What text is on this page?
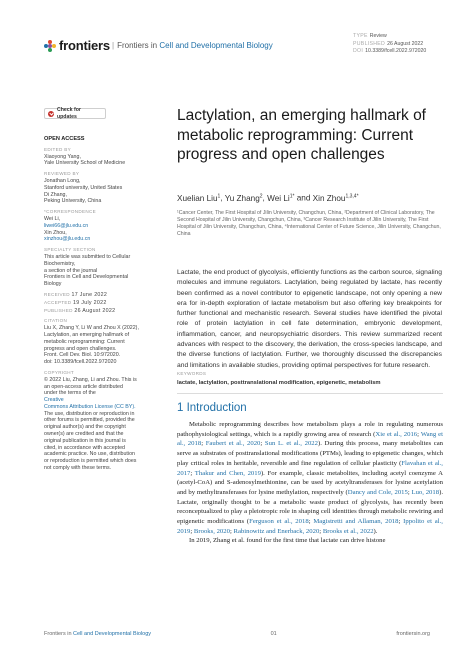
frontiers | Frontiers in Cell and Developmental Biology
TYPE Review
PUBLISHED 26 August 2022
DOI 10.3389/fcell.2022.972020
Check for updates
OPEN ACCESS
EDITED BY
Xiaoyong Yang,
Yale University School of Medicine
REVIEWED BY
Jonathan Long,
Stanford university, United States
Di Zhang,
Peking University, China
*CORRESPONDENCE
Wei Li,
liwei66@jlu.edu.cn
Xin Zhou,
xinzhou@jlu.edu.cn
SPECIALTY SECTION
This article was submitted to Cellular
Biochemistry,
a section of the journal
Frontiers in Cell and Developmental
Biology
RECEIVED 17 June 2022
ACCEPTED 19 July 2022
PUBLISHED 26 August 2022
CITATION
Liu X, Zhang Y, Li W and Zhou X (2022),
Lactylation, an emerging hallmark of
metabolic reprogramming: Current
progress and open challenges.
Front. Cell Dev. Biol. 10:972020.
doi: 10.3389/fcell.2022.972020
COPYRIGHT
© 2022 Liu, Zhang, Li and Zhou. This is
an open-access article distributed
under the terms of the
Creative
Commons Attribution License (CC BY).
The use, distribution or reproduction in
other forums is permitted, provided the
original author(s) and the copyright
owner(s) are credited and that the
original publication in this journal is
cited, in accordance with accepted
academic practice. No use, distribution
or reproduction is permitted which does
not comply with these terms.
Lactylation, an emerging hallmark of metabolic reprogramming: Current progress and open challenges
Xuelian Liu$^1$, Yu Zhang$^2$, Wei $Li^{1*}$ and Xin Zhou$^{1,3,4*}$
¹Cancer Center, The First Hospital of Jilin University, Changchun, China, ²Department of Clinical Laboratory, The Second Hospital of Jilin University, Changchun, China, ³Cancer Research Institute of Jilin University, The First Hospital of Jilin University, Changchun, China, ⁴International Center of Future Science, Jilin University, Changchun, China
Lactate, the end product of glycolysis, efficiently functions as the carbon source, signaling molecules and immune regulators. Lactylation, being regulated by lactate, has recently been confirmed as a novel contributor to epigenetic landscape, not only opening a new era for in-depth exploration of lactate metabolism but also offering key breakpoints for further functional and mechanistic research. Several studies have identified the pivotal role of protein lactylation in cell fate determination, embryonic development, inflammation, cancer, and neuropsychiatric disorders. This review summarized recent advances with respect to the discovery, the derivation, the cross-species landscape, and the diverse functions of lactylation. Further, we thoroughly discussed the discrepancies and limitations in available studies, providing optimal perspectives for future research.
KEYWORDS
lactate, lactylation, posttranslational modification, epigenetic, metabolism
1 Introduction

Metabolic reprogramming describes how metabolism plays a role in regulating numerous pathophysiological settings, which is a rapidly growing area of research (Xie et al., 2016; Wang et al., 2018; Faubert et al., 2020; Sun L. et al., 2022). During this process, many metabolites can serve as substrates of posttranslational modifications (PTMs), leading to epigenetic changes, which play critical roles in heritable, reversible and fine regulation of cellular plasticity (Flavahan et al., 2017; Thakur and Chen, 2019). For example, classic metabolites, including acetyl coenzyme A (acetyl-CoA) and S-adenosylmethionine, can be used by acetyltransferases for lysine acetylation and by methyltransferases for lysine methylation, respectively (Dancy and Cole, 2015; Luo, 2018). Lactate, originally thought to be a metabolic waste product of glycolysis, has recently been reconceptualized to play a pleiotropic role in shaping cell identities through metabolic rewiring and epigenetic modifications (Ferguson et al., 2018; Magistretti and Allaman, 2018; Ippolito et al., 2019; Brooks, 2020; Rabinowitz and Enerback, 2020; Brooks et al., 2022).

In 2019, Zhang et al. found for the first time that lactate can drive histone

Frontiers in Cell and Developmental Biology	01	frontiersin.org
